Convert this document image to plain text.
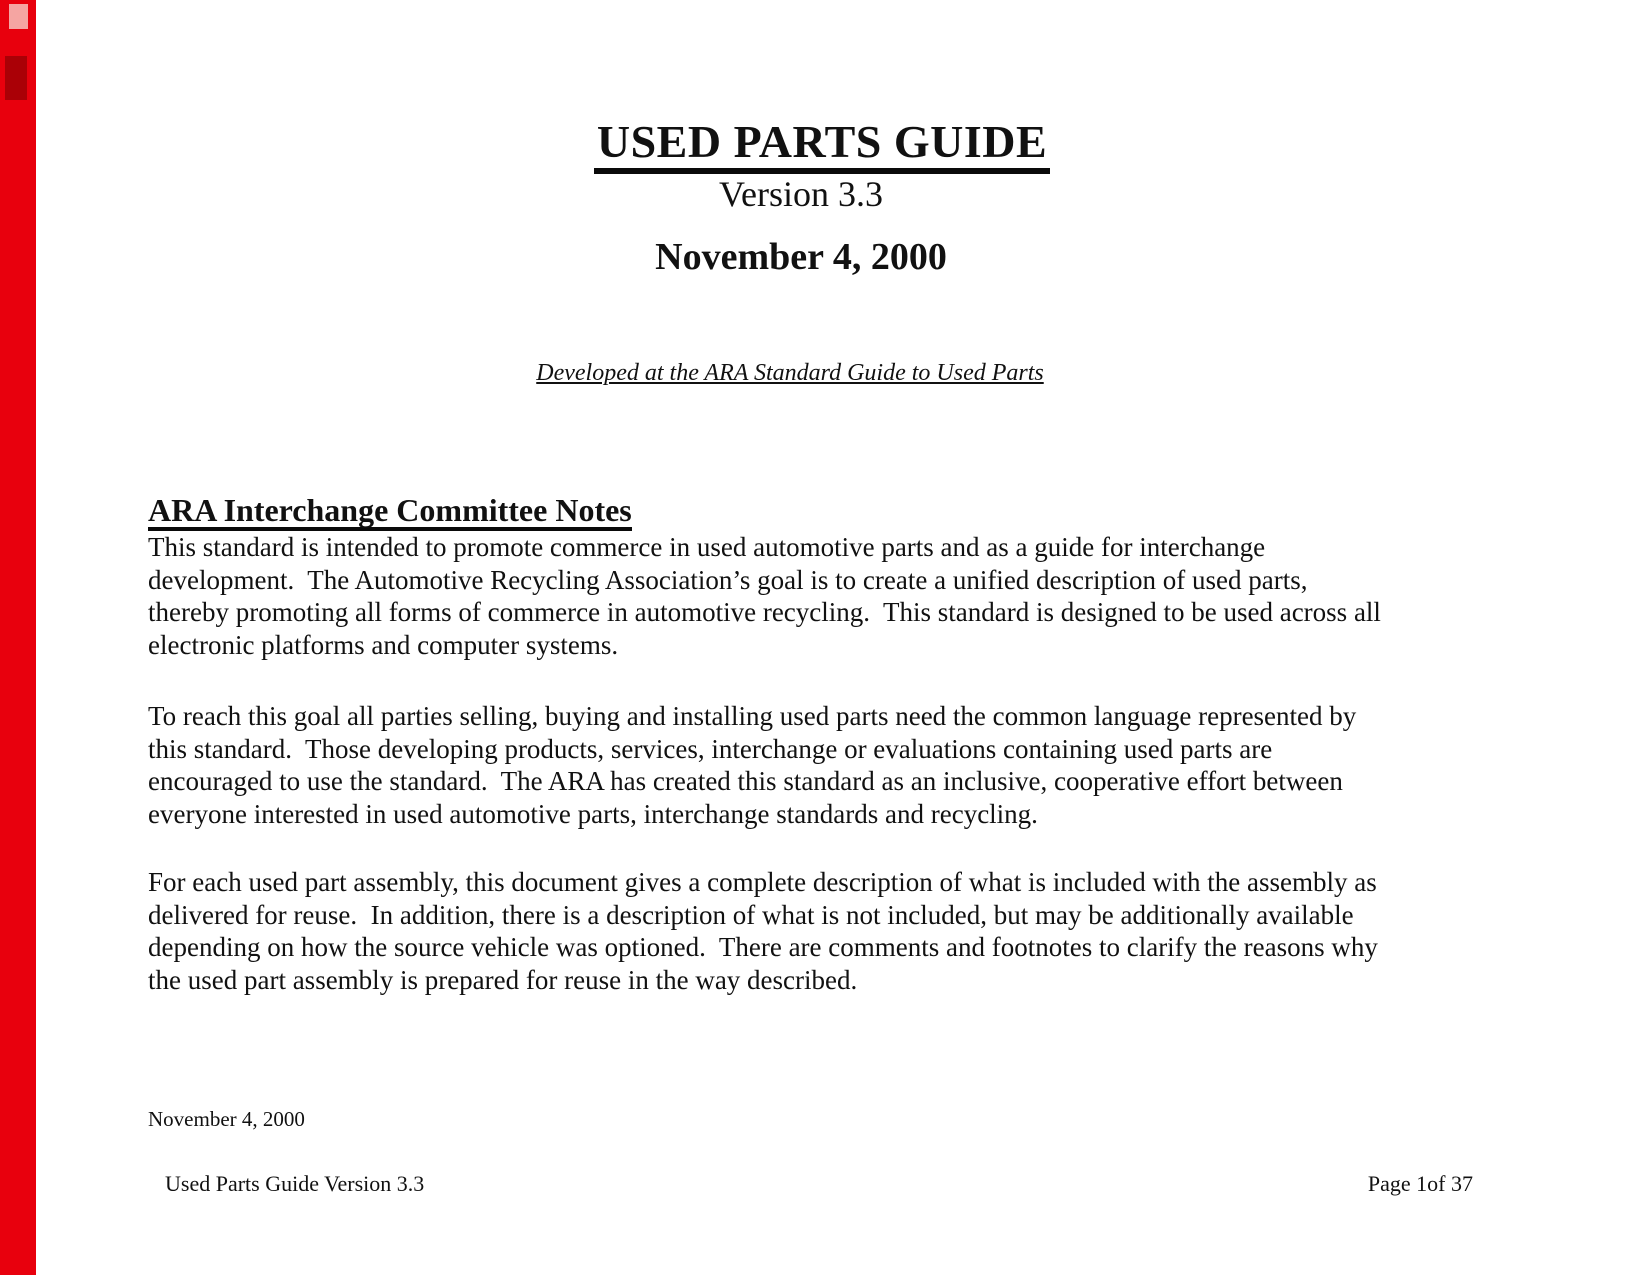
USED PARTS GUIDE
Version 3.3
November 4, 2000
Developed at the ARA Standard Guide to Used Parts
ARA Interchange Committee Notes
This standard is intended to promote commerce in used automotive parts and as a guide for interchange
development.  The Automotive Recycling Association’s goal is to create a unified description of used parts,
thereby promoting all forms of commerce in automotive recycling.  This standard is designed to be used across all
electronic platforms and computer systems.
To reach this goal all parties selling, buying and installing used parts need the common language represented by
this standard.  Those developing products, services, interchange or evaluations containing used parts are
encouraged to use the standard.  The ARA has created this standard as an inclusive, cooperative effort between
everyone interested in used automotive parts, interchange standards and recycling.
For each used part assembly, this document gives a complete description of what is included with the assembly as
delivered for reuse.  In addition, there is a description of what is not included, but may be additionally available
depending on how the source vehicle was optioned.  There are comments and footnotes to clarify the reasons why
the used part assembly is prepared for reuse in the way described.
November 4, 2000
Used Parts Guide Version 3.3	Page 1of 37
